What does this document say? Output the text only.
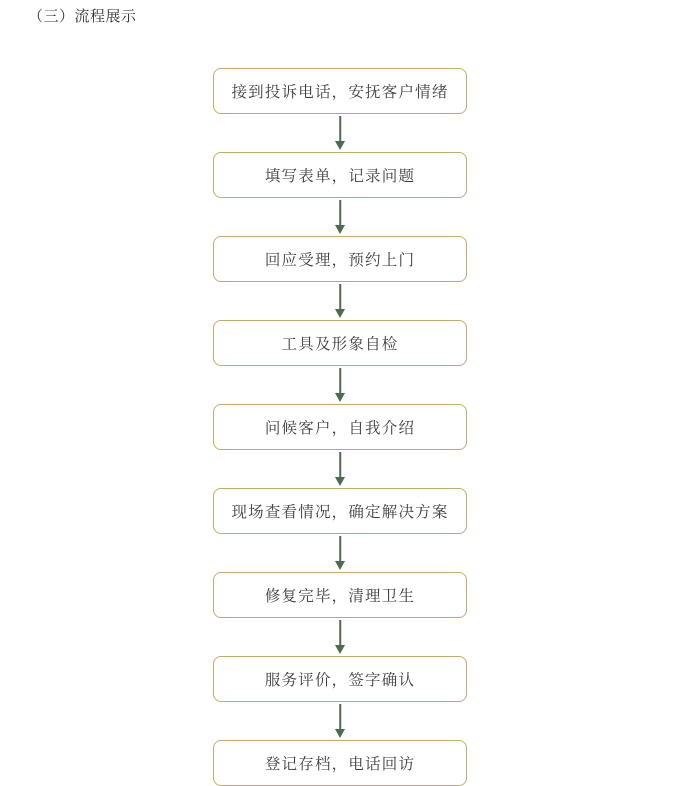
（三）流程展示
接到投诉电话，安抚客户情绪
填写表单，记录问题
回应受理，预约上门
工具及形象自检
问候客户，自我介绍
现场查看情况，确定解决方案
修复完毕，清理卫生
服务评价，签字确认
登记存档，电话回访
